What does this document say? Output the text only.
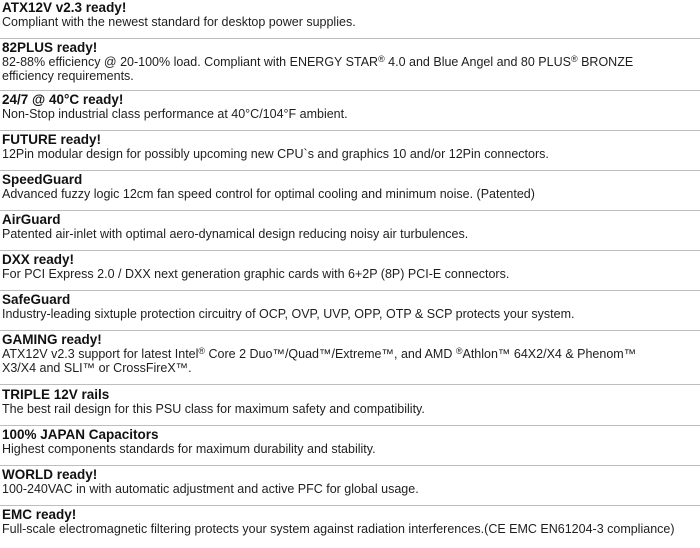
ATX12V v2.3 ready!

Compliant with the newest standard for desktop power supplies.

82PLUS ready!

82-88% efficiency @ 20-100% load. Compliant with ENERGY STAR® 4.0 and Blue Angel and 80 PLUS® BRONZE
efficiency requirements.

24/7 @ 40°C ready!

Non-Stop industrial class performance at 40°C/104°F ambient.

FUTURE ready!

12Pin modular design for possibly upcoming new CPU`s and graphics 10 and/or 12Pin connectors.

SpeedGuard

Advanced fuzzy logic 12cm fan speed control for optimal cooling and minimum noise. (Patented)

AirGuard

Patented air-inlet with optimal aero-dynamical design reducing noisy air turbulences.

DXX ready!

For PCI Express 2.0 / DXX next generation graphic cards with 6+2P (8P) PCI-E connectors.

SafeGuard

Industry-leading sixtuple protection circuitry of OCP, OVP, UVP, OPP, OTP & SCP protects your system.

GAMING ready!

ATX12V v2.3 support for latest Intel® Core 2 Duo™/Quad™/Extreme™, and AMD ®Athlon™ 64X2/X4 & Phenom™
X3/X4 and SLI™ or CrossFireX™.

TRIPLE 12V rails

The best rail design for this PSU class for maximum safety and compatibility.

100% JAPAN Capacitors

Highest components standards for maximum durability and stability.

WORLD ready!

100-240VAC in with automatic adjustment and active PFC for global usage.

EMC ready!

Full-scale electromagnetic filtering protects your system against radiation interferences.(CE EMC EN61204-3 compliance)
